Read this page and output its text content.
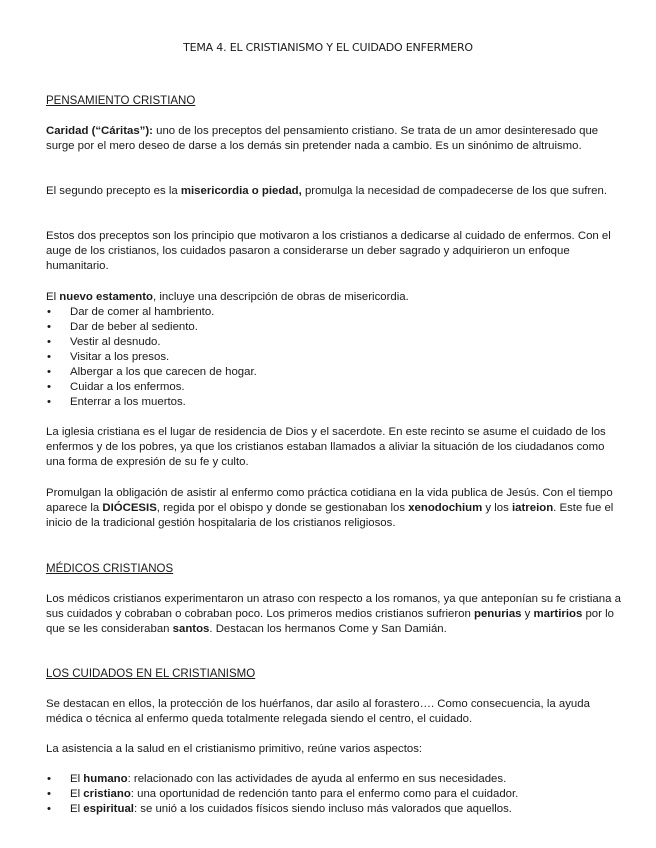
TEMA 4. EL CRISTIANISMO Y EL CUIDADO ENFERMERO
PENSAMIENTO CRISTIANO
Caridad (“Cáritas”): uno de los preceptos del pensamiento cristiano. Se trata de un amor desinteresado que surge por el mero deseo de darse a los demás sin pretender nada a cambio. Es un sinónimo de altruismo.
El segundo precepto es la misericordia o piedad, promulga la necesidad de compadecerse de los que sufren.
Estos dos preceptos son los principio que motivaron a los cristianos a dedicarse al cuidado de enfermos. Con el auge de los cristianos, los cuidados pasaron a considerarse un deber sagrado y adquirieron un enfoque humanitario.
El nuevo estamento, incluye una descripción de obras de misericordia.
• Dar de comer al hambriento.
• Dar de beber al sediento.
• Vestir al desnudo.
• Visitar a los presos.
• Albergar a los que carecen de hogar.
• Cuidar a los enfermos.
• Enterrar a los muertos.
La iglesia cristiana es el lugar de residencia de Dios y el sacerdote. En este recinto se asume el cuidado de los enfermos y de los pobres, ya que los cristianos estaban llamados a aliviar la situación de los ciudadanos como una forma de expresión de su fe y culto.
Promulgan la obligación de asistir al enfermo como práctica cotidiana en la vida publica de Jesús. Con el tiempo aparece la DIÓCESIS, regida por el obispo y donde se gestionaban los xenodochium y los iatreion. Este fue el inicio de la tradicional gestión hospitalaria de los cristianos religiosos.
MÉDICOS CRISTIANOS
Los médicos cristianos experimentaron un atraso con respecto a los romanos, ya que anteponían su fe cristiana a sus cuidados y cobraban o cobraban poco. Los primeros medios cristianos sufrieron penurias y martirios por lo que se les consideraban santos. Destacan los hermanos Come y San Damián.
LOS CUIDADOS EN EL CRISTIANISMO
Se destacan en ellos, la protección de los huérfanos, dar asilo al forastero…. Como consecuencia, la ayuda médica o técnica al enfermo queda totalmente relegada siendo el centro, el cuidado.
La asistencia a la salud en el cristianismo primitivo, reúne varios aspectos:
• El humano: relacionado con las actividades de ayuda al enfermo en sus necesidades.
• El cristiano: una oportunidad de redención tanto para el enfermo como para el cuidador.
• El espiritual: se unió a los cuidados físicos siendo incluso más valorados que aquellos.
